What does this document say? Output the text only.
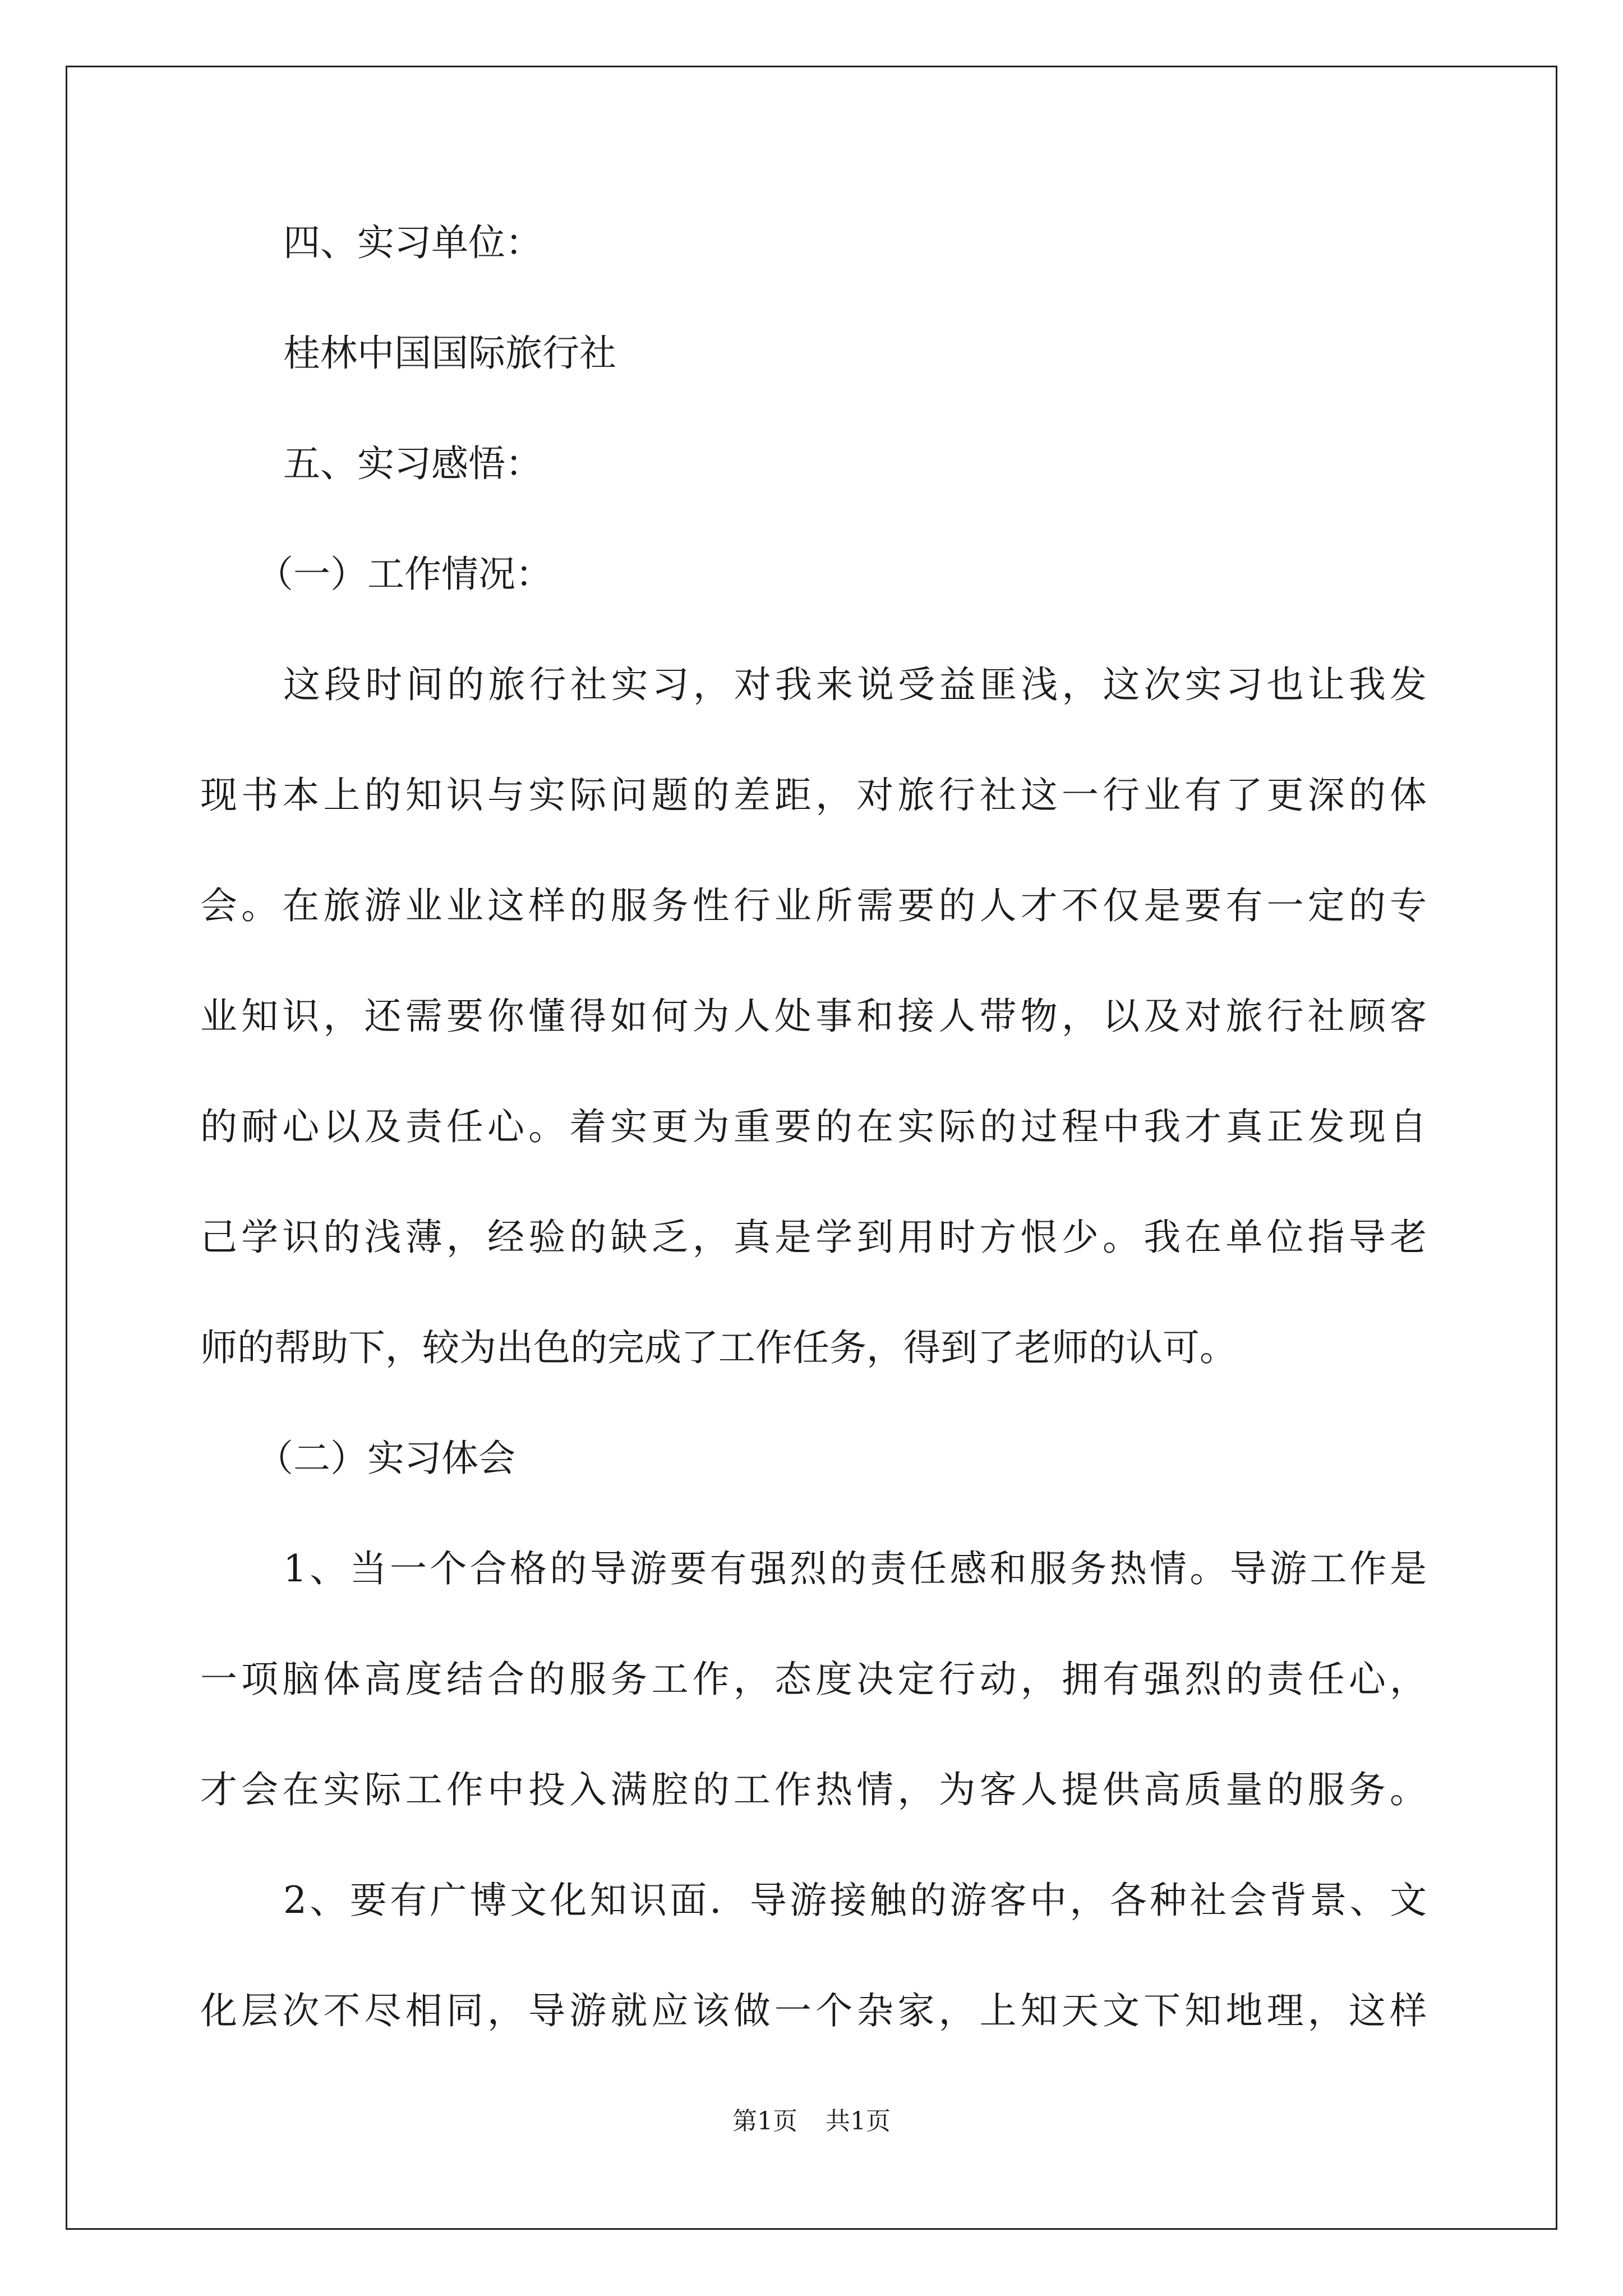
四、实习单位：
桂林中国国际旅行社
五、实习感悟：
（一）工作情况：
这段时间的旅行社实习，对我来说受益匪浅，这次实习也让我发
现书本上的知识与实际问题的差距，对旅行社这一行业有了更深的体
会。在旅游业业这样的服务性行业所需要的人才不仅是要有一定的专
业知识，还需要你懂得如何为人处事和接人带物，以及对旅行社顾客
的耐心以及责任心。着实更为重要的在实际的过程中我才真正发现自
己学识的浅薄，经验的缺乏，真是学到用时方恨少。我在单位指导老
师的帮助下，较为出色的完成了工作任务，得到了老师的认可。
（二）实习体会
1、当一个合格的导游要有强烈的责任感和服务热情。导游工作是
一项脑体高度结合的服务工作，态度决定行动，拥有强烈的责任心，
才会在实际工作中投入满腔的工作热情，为客人提供高质量的服务。
2、要有广博文化知识面．导游接触的游客中，各种社会背景、文
化层次不尽相同，导游就应该做一个杂家，上知天文下知地理，这样
第1页 共1页
